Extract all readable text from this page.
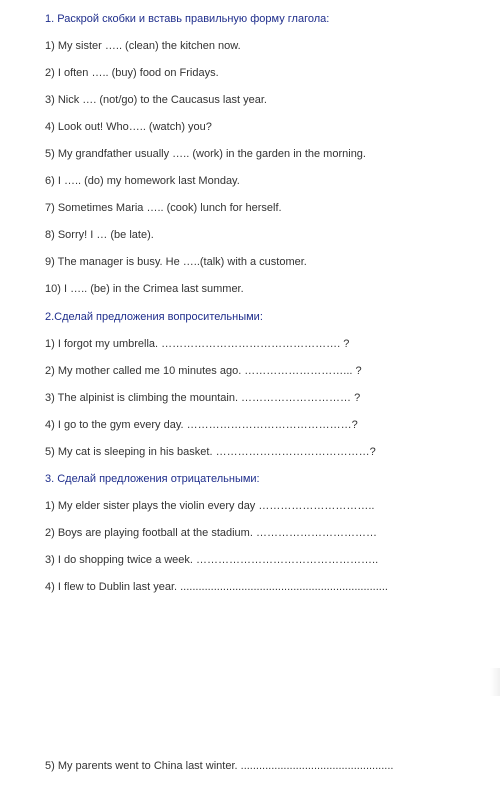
1. Раскрой скобки и вставь правильную форму глагола:
1) My sister ….. (clean) the kitchen now.
2) I often ….. (buy) food on Fridays.
3) Nick …. (not/go) to the Caucasus last year.
4) Look out! Who….. (watch) you?
5) My grandfather usually ….. (work) in the garden in the morning.
6) I ….. (do) my homework last Monday.
7) Sometimes Maria ….. (cook) lunch for herself.
8) Sorry! I … (be late).
9) The manager is busy. He …..(talk) with a customer.
10) I ….. (be) in the Crimea last summer.
2.Сделай предложения вопросительными:
1) I forgot my umbrella. …………………………………………. ?
2) My mother called me 10 minutes ago. ………………………... ?
3) The alpinist is climbing the mountain. ………………………… ?
4) I go to the gym every day. ………………………………………?
5) My cat is sleeping in his basket. ……………………………………?
3. Сделай предложения отрицательными:
1) My elder sister plays the violin every day …………………………..
2) Boys are playing football at the stadium. ……………………………
3) I do shopping twice a week. …………………………………………..
4) I flew to Dublin last year. ....................................................................
5) My parents went to China last winter. ..................................................
